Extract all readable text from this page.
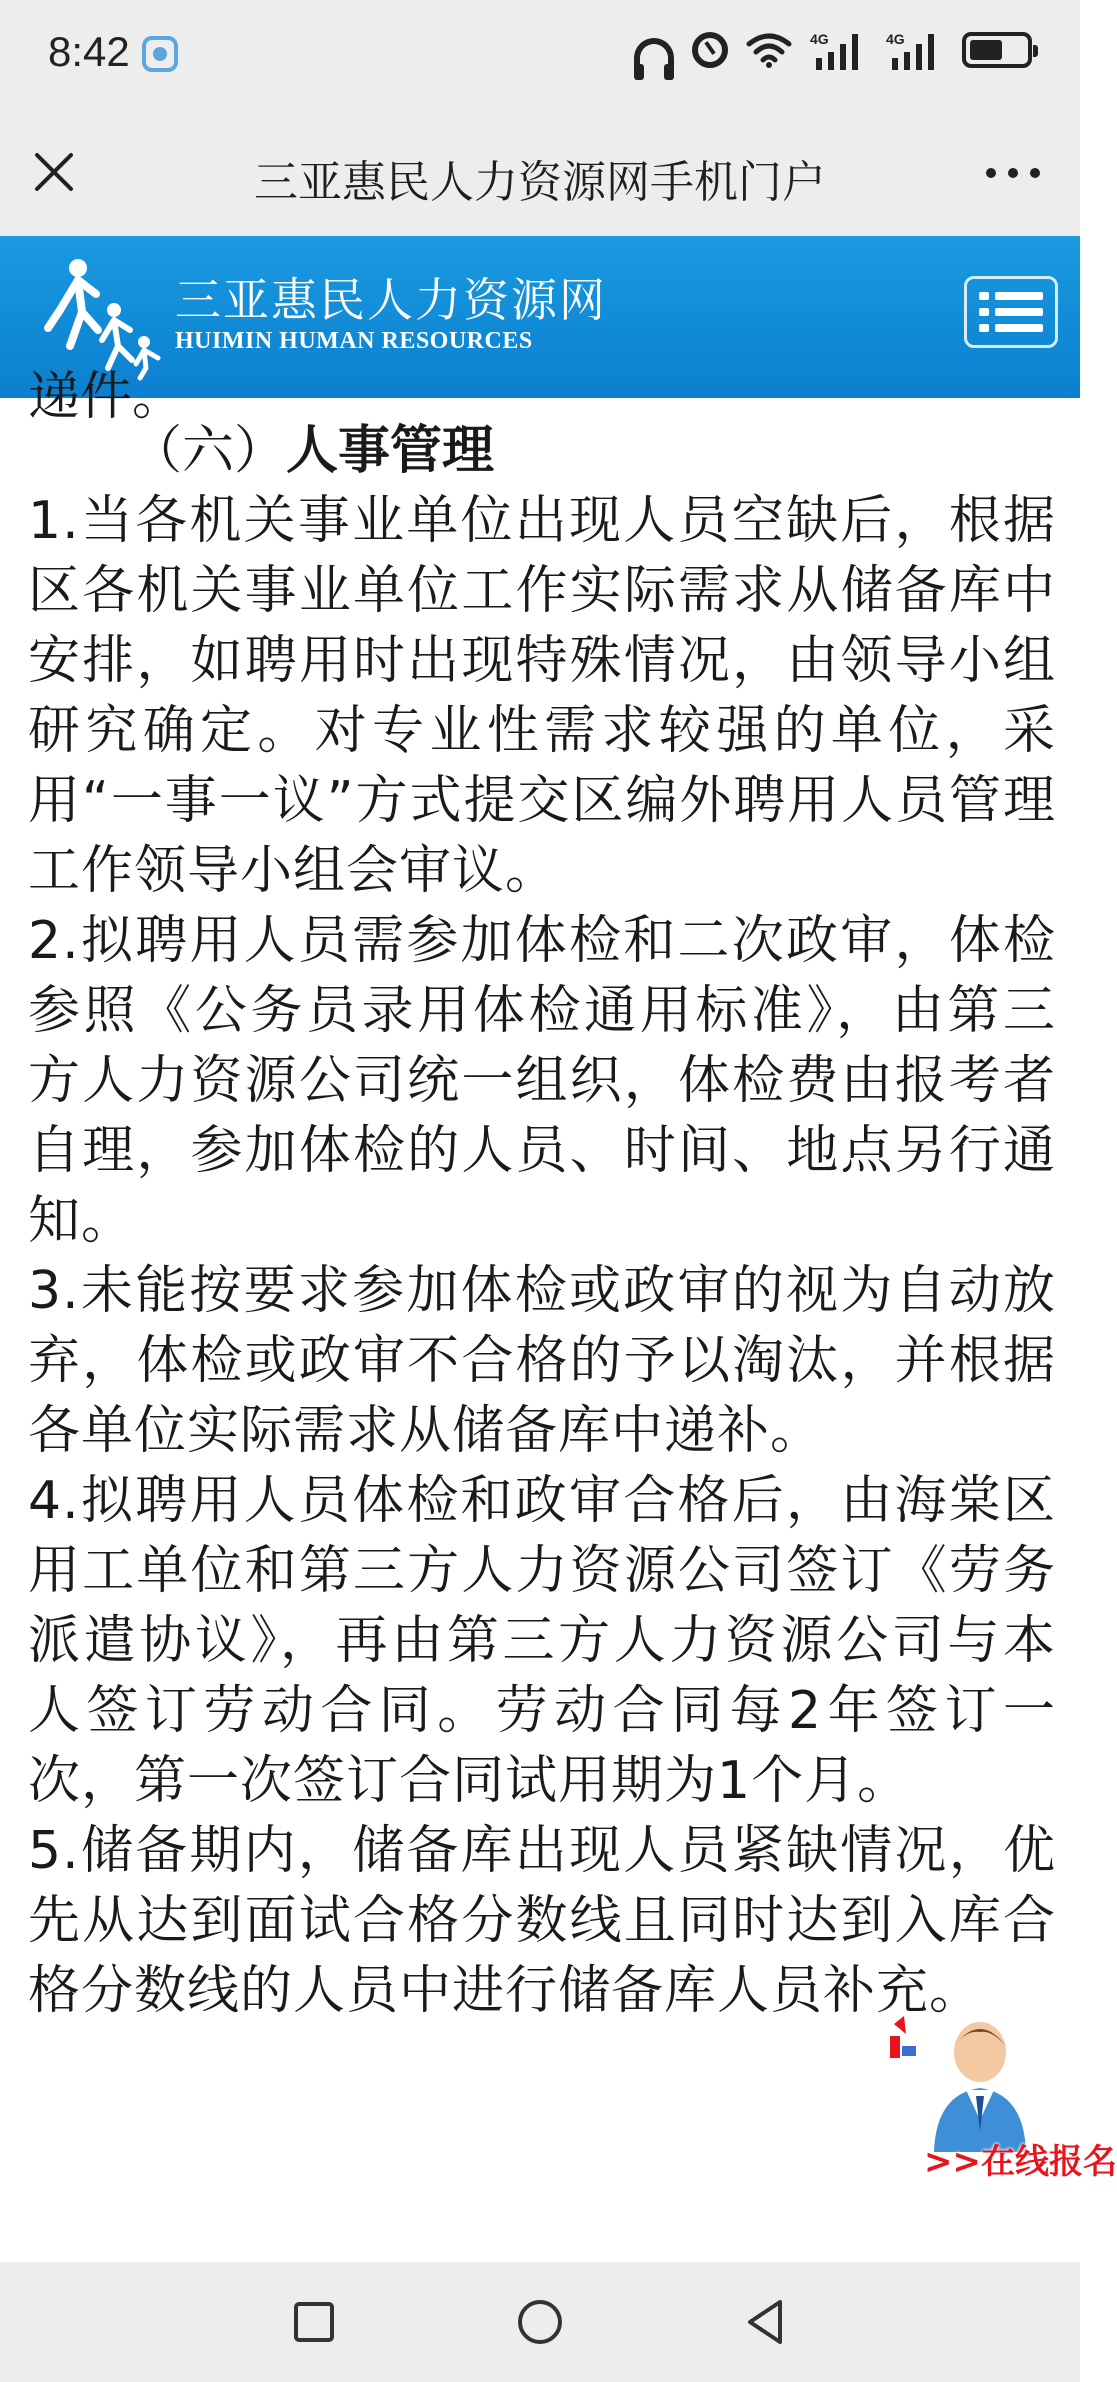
8:42	4G	4G
三亚惠民人力资源网手机门户
三亚惠民人力资源网
HUIMIN HUMAN RESOURCES
递件。
（六）人事管理

1.当各机关事业单位出现人员空缺后，根据区各机关事业单位工作实际需求从储备库中安排，如聘用时出现特殊情况，由领导小组研究确定。对专业性需求较强的单位，采用“一事一议”方式提交区编外聘用人员管理工作领导小组会审议。

2.拟聘用人员需参加体检和二次政审，体检参照《公务员录用体检通用标准》，由第三方人力资源公司统一组织，体检费由报考者自理，参加体检的人员、时间、地点另行通知。

3.未能按要求参加体检或政审的视为自动放弃，体检或政审不合格的予以淘汰，并根据各单位实际需求从储备库中递补。

4.拟聘用人员体检和政审合格后，由海棠区用工单位和第三方人力资源公司签订《劳务派遣协议》，再由第三方人力资源公司与本人签订劳动合同。劳动合同每2年签订一次，第一次签订合同试用期为1个月。

5.储备期内，储备库出现人员紧缺情况，优先从达到面试合格分数线且同时达到入库合格分数线的人员中进行储备库人员补充。

>>在线报名
